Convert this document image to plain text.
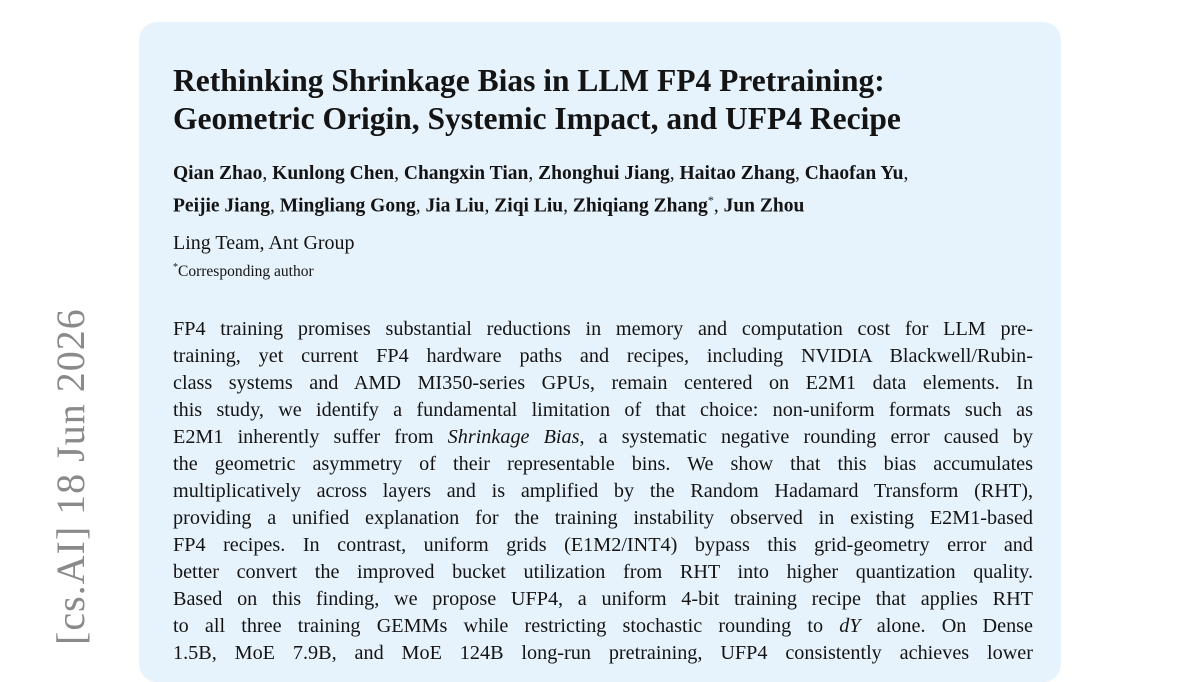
[cs.AI] 18 Jun 2026
Rethinking Shrinkage Bias in LLM FP4 Pretraining:
Geometric Origin, Systemic Impact, and UFP4 Recipe
Qian Zhao, Kunlong Chen, Changxin Tian, Zhonghui Jiang, Haitao Zhang, Chaofan Yu,
Peijie Jiang, Mingliang Gong, Jia Liu, Ziqi Liu, Zhiqiang Zhang*, Jun Zhou
Ling Team, Ant Group
*Corresponding author
FP4 training promises substantial reductions in memory and computation cost for LLM pre-
training, yet current FP4 hardware paths and recipes, including NVIDIA Blackwell/Rubin-
class systems and AMD MI350-series GPUs, remain centered on E2M1 data elements. In
this study, we identify a fundamental limitation of that choice: non-uniform formats such as
E2M1 inherently suffer from Shrinkage Bias, a systematic negative rounding error caused by
the geometric asymmetry of their representable bins. We show that this bias accumulates
multiplicatively across layers and is amplified by the Random Hadamard Transform (RHT),
providing a unified explanation for the training instability observed in existing E2M1-based
FP4 recipes. In contrast, uniform grids (E1M2/INT4) bypass this grid-geometry error and
better convert the improved bucket utilization from RHT into higher quantization quality.
Based on this finding, we propose UFP4, a uniform 4-bit training recipe that applies RHT
to all three training GEMMs while restricting stochastic rounding to dY alone. On Dense
1.5B, MoE 7.9B, and MoE 124B long-run pretraining, UFP4 consistently achieves lower
